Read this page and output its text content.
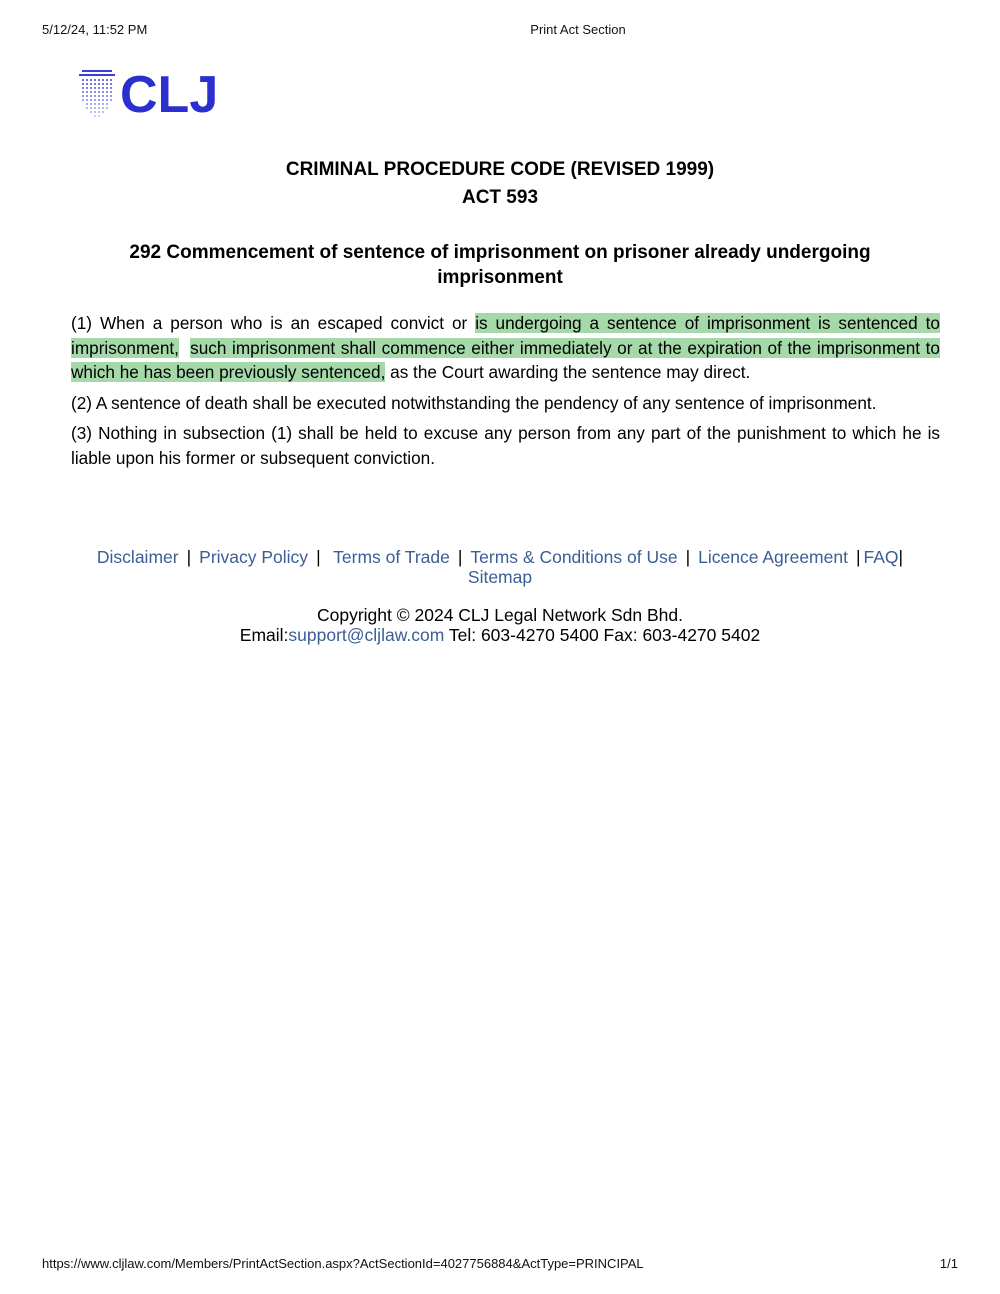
5/12/24, 11:52 PM	Print Act Section
CLJ
CRIMINAL PROCEDURE CODE (REVISED 1999)
ACT 593
292 Commencement of sentence of imprisonment on prisoner already undergoing imprisonment

(1) When a person who is an escaped convict or is undergoing a sentence of imprisonment is sentenced to imprisonment, such imprisonment shall commence either immediately or at the expiration of the imprisonment to which he has been previously sentenced, as the Court awarding the sentence may direct.

(2) A sentence of death shall be executed notwithstanding the pendency of any sentence of imprisonment.

(3) Nothing in subsection (1) shall be held to excuse any person from any part of the punishment to which he is liable upon his former or subsequent conviction.

Disclaimer | Privacy Policy | Terms of Trade | Terms & Conditions of Use | Licence Agreement | FAQ|
Sitemap
Copyright © 2024 CLJ Legal Network Sdn Bhd.
Email:support@cljlaw.com Tel: 603-4270 5400 Fax: 603-4270 5402
https://www.cljlaw.com/Members/PrintActSection.aspx?ActSectionId=4027756884&ActType=PRINCIPAL	1/1
